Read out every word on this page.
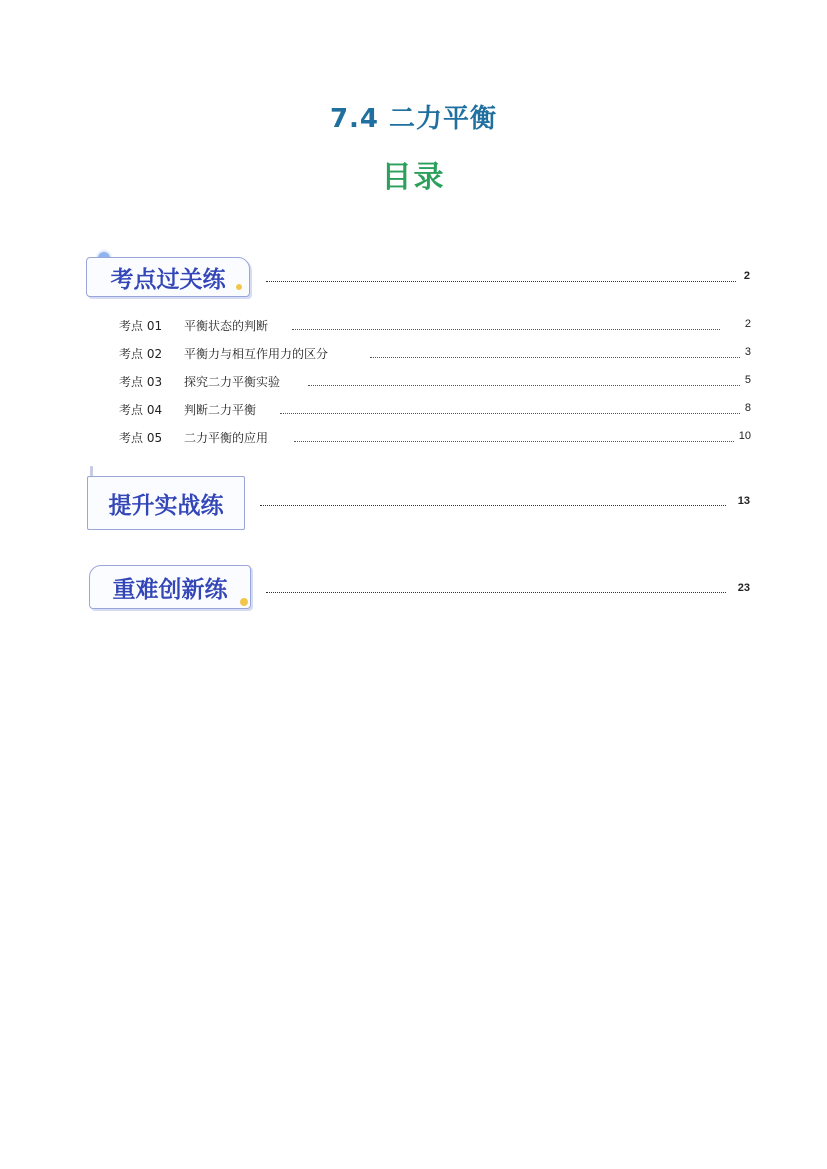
7.4 二力平衡
目录
考点过关练	2
考点 01 平衡状态的判断	2
考点 02 平衡力与相互作用力的区分	3
考点 03 探究二力平衡实验	5
考点 04 判断二力平衡	8
考点 05 二力平衡的应用	10
提升实战练	13
重难创新练	23
